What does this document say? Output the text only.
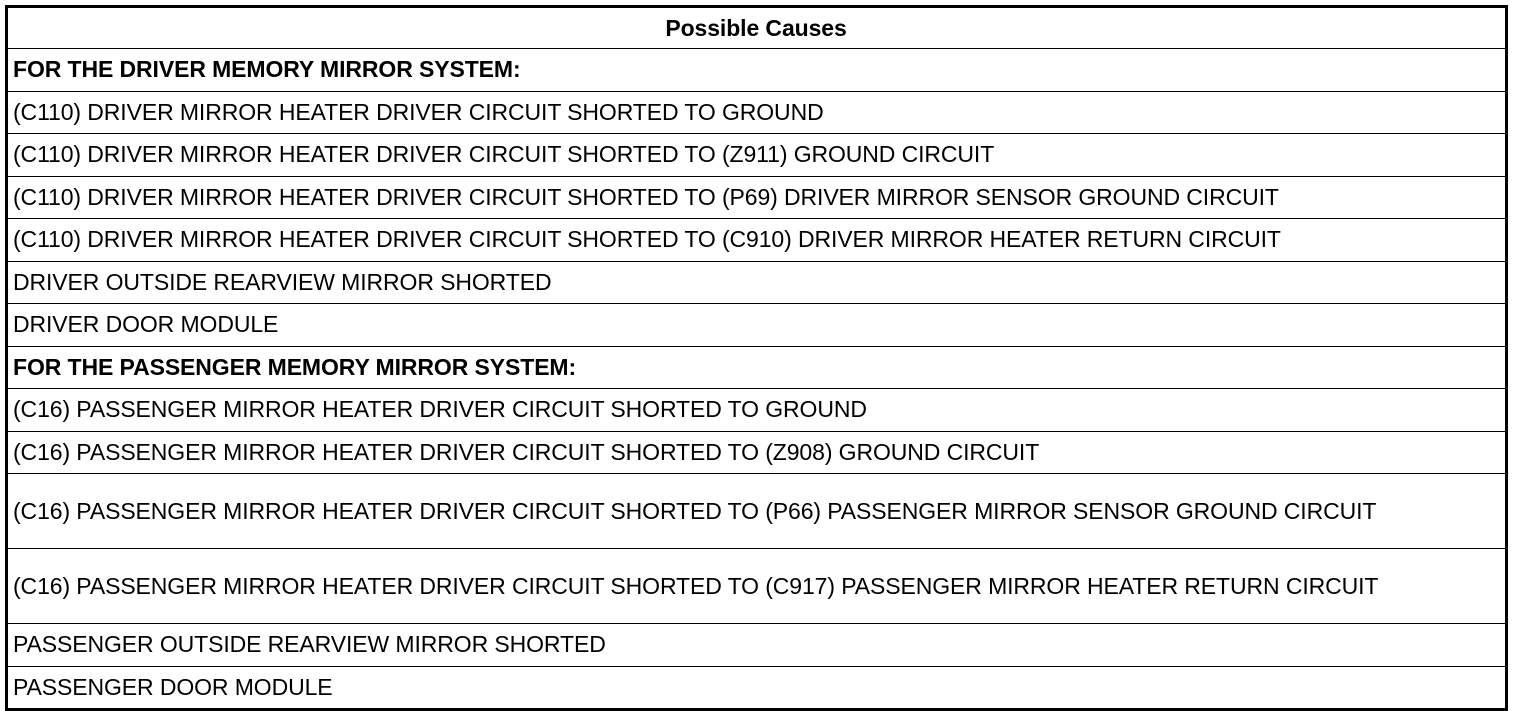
Possible Causes
FOR THE DRIVER MEMORY MIRROR SYSTEM:
(C110) DRIVER MIRROR HEATER DRIVER CIRCUIT SHORTED TO GROUND
(C110) DRIVER MIRROR HEATER DRIVER CIRCUIT SHORTED TO (Z911) GROUND CIRCUIT
(C110) DRIVER MIRROR HEATER DRIVER CIRCUIT SHORTED TO (P69) DRIVER MIRROR SENSOR GROUND CIRCUIT
(C110) DRIVER MIRROR HEATER DRIVER CIRCUIT SHORTED TO (C910) DRIVER MIRROR HEATER RETURN CIRCUIT
DRIVER OUTSIDE REARVIEW MIRROR SHORTED
DRIVER DOOR MODULE
FOR THE PASSENGER MEMORY MIRROR SYSTEM:
(C16) PASSENGER MIRROR HEATER DRIVER CIRCUIT SHORTED TO GROUND
(C16) PASSENGER MIRROR HEATER DRIVER CIRCUIT SHORTED TO (Z908) GROUND CIRCUIT
(C16) PASSENGER MIRROR HEATER DRIVER CIRCUIT SHORTED TO (P66) PASSENGER MIRROR SENSOR GROUND CIRCUIT
(C16) PASSENGER MIRROR HEATER DRIVER CIRCUIT SHORTED TO (C917) PASSENGER MIRROR HEATER RETURN CIRCUIT
PASSENGER OUTSIDE REARVIEW MIRROR SHORTED
PASSENGER DOOR MODULE
